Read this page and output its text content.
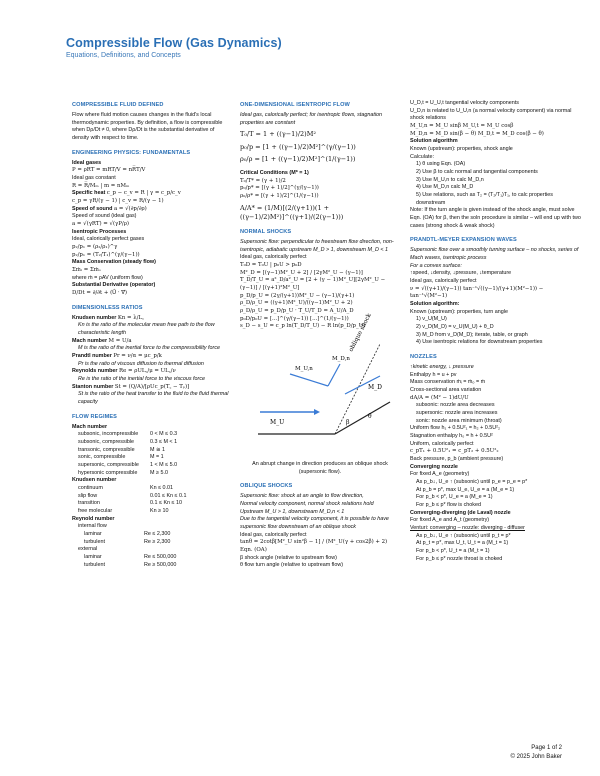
Compressible Flow (Gas Dynamics)
Equations, Definitions, and Concepts
COMPRESSIBLE FLUID DEFINED
Flow where fluid motion causes changes in the fluid's local thermodynamic properties. By definition, a flow is compressible when Dρ/Dt ≠ 0, where Dρ/Dt is the substantial derivative of density with respect to time.
ENGINEERING PHYSICS: FUNDAMENTALS
Ideal gases
P = ρRT = mRT/V = nR̅T/V
Ideal gas constant
R = R̅/Mₘ | m = nMₘ
Specific heat c_p − c_v = R | γ = c_p/c_v
c_p = γR/(γ − 1) | c_v = R/(γ − 1)
Speed of sound a = √(∂p/∂ρ)
Speed of sound (ideal gas)
a = √(γRT) = √(γP/ρ)
Isentropic Processes
Ideal, calorically perfect gases
p₂/p₁ = (ρ₂/ρ₁)^γ
p₂/p₁ = (T₂/T₁)^(γ/(γ−1))
Mass Conservation (steady flow)
Σṁᵢ = Σṁₒ
where ṁ = ρAV (uniform flow)
Substantial Derivative (operator)
D/Dt = ∂/∂t + (U⃗ · ∇⃗)
DIMENSIONLESS RATIOS
Knudsen number Kn = λ/L꜀
Kn is the ratio of the molecular mean free path to the flow characteristic length
Mach number M = U/a
M is the ratio of the inertial force to the compressibility force
Prandtl number Pr = ν/α = μc_p/k
Pr is the ratio of viscous diffusion to thermal diffusion
Reynolds number Re = ρUL꜀/μ = UL꜀/ν
Re is the ratio of the inertial force to the viscous force
Stanton number St = (Q/A)/[ρUc_p(T꜀ − Tₚ)]
St is the ratio of the heat transfer to the fluid to the fluid thermal capacity
FLOW REGIMES
Mach number
subsonic, incompressible	0 < M ≤ 0.3
subsonic, compressible	0.3 ≤ M < 1
transonic, compressible	M ≅ 1
sonic, compressible	M = 1
supersonic, compressible	1 < M ≤ 5.0
hypersonic compressible	M ≥ 5.0
Knudsen number
continuum	Kn ≤ 0.01
slip flow	0.01 ≤ Kn ≤ 0.1
transition	0.1 ≤ Kn ≤ 10
free molecular	Kn ≥ 10
Reynold number
internal flow
laminar	Re ≤ 2,300
turbulent	Re ≥ 2,300
external
laminar	Re ≤ 500,000
turbulent	Re ≥ 500,000
ONE-DIMENSIONAL ISENTROPIC FLOW
Ideal gas, calorically perfect; for isentropic flows, stagnation properties are constant
T₀/T = 1 + ((γ−1)/2)M²
p₀/p = [1 + ((γ−1)/2)M²]^(γ/(γ−1))
ρ₀/ρ = [1 + ((γ−1)/2)M²]^(1/(γ−1))
Critical Conditions (M* = 1)
T₀/T* = (γ + 1)/2
p₀/p* = [(γ + 1)/2]^(γ/(γ−1))
ρ₀/ρ* = [(γ + 1)/2]^(1/(γ−1))
A/A* = (1/M)[(2/(γ+1))(1 + ((γ−1)/2)M²)]^((γ+1)/(2(γ−1)))
NORMAL SHOCKS
Supersonic flow: perpendicular to freestream flow direction, non-isentropic, adiabatic upstream M_D > 1, downstream M_D < 1
Ideal gas, calorically perfect
T₀D = T₀U | p₀U > p₀D
M²_D = [(γ−1)M²_U + 2] / [2γM²_U − (γ−1)]
T_D/T_U = a²_D/a²_U = [2 + (γ − 1)M²_U][2γM²_U − (γ−1)] / [(γ+1)²M²_U]
p_D/p_U = (2γ/(γ+1))M²_U − (γ−1)/(γ+1)
ρ_D/ρ_U = ((γ+1)M²_U)/((γ−1)M²_U + 2)
ρ_D/ρ_U = p_D/p_U · T_U/T_D = A_U/A_D
p₀D/p₀U = [...]^(γ/(γ−1)) [...]^(1/(γ−1))
s_D − s_U = c_p ln(T_D/T_U) − R ln(p_D/p_U)
oblique shock
M_U
M_D
β
θ
M_U,n
M_D,n
An abrupt change in direction produces an oblique shock (supersonic flow).
OBLIQUE SHOCKS
Supersonic flow: shock at an angle to flow direction,
Normal velocity component, normal shock relations hold
Upstream M_U > 1, downstream M_D,n < 1
Due to the tangential velocity component, it is possible to have supersonic flow downstream of an oblique shock
Ideal gas, calorically perfect
tanθ = 2cotβ[M²_U sin²β − 1] / (M²_U(γ + cos2β) + 2) Eqn. (OA)
β shock angle (relative to upstream flow)
θ flow turn angle (relative to upstream flow)
U_D,t = U_U,t tangential velocity components
U_D,n is related to U_U,n (a normal velocity component) via normal shock relations
M_U,n = M_U sinβ M_U,t = M_U cosβ
M_D,n = M_D sin(β − θ) M_D,t = M_D cos(β − θ)
Solution algorithm
Known (upstream): properties, shock angle
Calculate:
1) θ using Eqn. (OA)
2) Use β to calc normal and tangential components
3) Use M_U,n to calc M_D,n
4) Use M_D,n calc M_D
5) Use relations, such as T₂ = (T₂/T₁)T₁, to calc properties downstream
Note: If the turn angle is given instead of the shock angle, must solve Eqn. (OA) for β, then the soln procedure is similar – will end up with two cases (strong shock & weak shock)
PRANDTL-MEYER EXPANSION WAVES
Supersonic flow over a smoothly turning surface – no shocks, series of Mach waves, isentropic process
For a convex surface:
↑speed, ↓density, ↓pressure, ↓temperature
Ideal gas, calorically perfect
ν = √((γ+1)/(γ−1)) tan⁻¹√((γ−1)/(γ+1)(M²−1)) − tan⁻¹√(M²−1)
Solution algorithm:
Known (upstream): properties, turn angle
1) ν_U(M_U)
2) ν_D(M_D) = ν_U(M_U) + θ_D
3) M_D from ν_D(M_D); iterate, table, or graph
4) Use isentropic relations for downstream properties
NOZZLES
↑kinetic energy, ↓ pressure
Enthalpy h = u + pv
Mass conservation ṁᵢ = ṁₒ = ṁ
Cross-sectional area variation
dA/A = (M² − 1)dU/U
subsonic: nozzle area decreases
supersonic: nozzle area increases
sonic: nozzle area minimum (throat)
Uniform flow h₁ + 0.5U²₁ = h₂ + 0.5U²₂
Stagnation enthalpy h₀ = h + 0.5U²
Uniform, calorically perfect
c_pT₁ + 0.5U²₁ = c_pT₂ + 0.5U²₂
Back pressure, p_b (ambient pressure)
Converging nozzle
For fixed A_e (geometry)
As p_b↓, U_e ↑ (subsonic) until p_e = p_e = p*
At p_b = p*, max U_e, U_e = a (M_e = 1)
For p_b < p*, U_e = a (M_e = 1)
For p_b ≤ p* flow is choked
Converging-diverging (de Laval) nozzle
For fixed A_e and A_t (geometry)
Venturi: converging – nozzle: diverging - diffuser
As p_b↓, U_e ↑ (subsonic) until p_t = p*
At p_t = p*, max U_t, U_t = a (M_t = 1)
For p_b < p*, U_t = a (M_t = 1)
For p_b ≤ p* nozzle throat is choked
Page 1 of 2
© 2025 John Baker
